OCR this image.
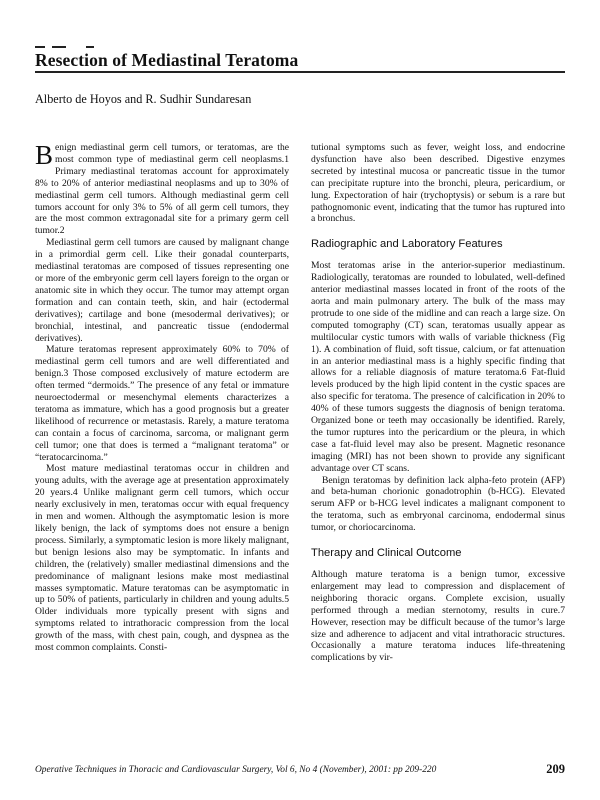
Resection of Mediastinal Teratoma
Alberto de Hoyos and R. Sudhir Sundaresan

Benign mediastinal germ cell tumors, or teratomas, are the most common type of mediastinal germ cell neoplasms.1 Primary mediastinal teratomas account for approximately 8% to 20% of anterior mediastinal neoplasms and up to 30% of mediastinal germ cell tumors. Although mediastinal germ cell tumors account for only 3% to 5% of all germ cell tumors, they are the most common extragonadal site for a primary germ cell tumor.2

Mediastinal germ cell tumors are caused by malignant change in a primordial germ cell. Like their gonadal counterparts, mediastinal teratomas are composed of tissues representing one or more of the embryonic germ cell layers foreign to the organ or anatomic site in which they occur. The tumor may attempt organ formation and can contain teeth, skin, and hair (ectodermal derivatives); cartilage and bone (mesodermal derivatives); or bronchial, intestinal, and pancreatic tissue (endodermal derivatives).

Mature teratomas represent approximately 60% to 70% of mediastinal germ cell tumors and are well differentiated and benign.3 Those composed exclusively of mature ectoderm are often termed “dermoids.” The presence of any fetal or immature neuroectodermal or mesenchymal elements characterizes a teratoma as immature, which has a good prognosis but a greater likelihood of recurrence or metastasis. Rarely, a mature teratoma can contain a focus of carcinoma, sarcoma, or malignant germ cell tumor; one that does is termed a “malignant teratoma” or “teratocarcinoma.”

Most mature mediastinal teratomas occur in children and young adults, with the average age at presentation approximately 20 years.4 Unlike malignant germ cell tumors, which occur nearly exclusively in men, teratomas occur with equal frequency in men and women. Although the asymptomatic lesion is more likely benign, the lack of symptoms does not ensure a benign process. Similarly, a symptomatic lesion is more likely malignant, but benign lesions also may be symptomatic. In infants and children, the (relatively) smaller mediastinal dimensions and the predominance of malignant lesions make most mediastinal masses symptomatic. Mature teratomas can be asymptomatic in up to 50% of patients, particularly in children and young adults.5 Older individuals more typically present with signs and symptoms related to intrathoracic compression from the local growth of the mass, with chest pain, cough, and dyspnea as the most common complaints. Consti-

tutional symptoms such as fever, weight loss, and endocrine dysfunction have also been described. Digestive enzymes secreted by intestinal mucosa or pancreatic tissue in the tumor can precipitate rupture into the bronchi, pleura, pericardium, or lung. Expectoration of hair (trychoptysis) or sebum is a rare but pathognomonic event, indicating that the tumor has ruptured into a bronchus.

Radiographic and Laboratory Features

Most teratomas arise in the anterior-superior mediastinum. Radiologically, teratomas are rounded to lobulated, well-defined anterior mediastinal masses located in front of the roots of the aorta and main pulmonary artery. The bulk of the mass may protrude to one side of the midline and can reach a large size. On computed tomography (CT) scan, teratomas usually appear as multilocular cystic tumors with walls of variable thickness (Fig 1). A combination of fluid, soft tissue, calcium, or fat attenuation in an anterior mediastinal mass is a highly specific finding that allows for a reliable diagnosis of mature teratoma.6 Fat-fluid levels produced by the high lipid content in the cystic spaces are also specific for teratoma. The presence of calcification in 20% to 40% of these tumors suggests the diagnosis of benign teratoma. Organized bone or teeth may occasionally be identified. Rarely, the tumor ruptures into the pericardium or the pleura, in which case a fat-fluid level may also be present. Magnetic resonance imaging (MRI) has not been shown to provide any significant advantage over CT scans.

Benign teratomas by definition lack alpha-feto protein (AFP) and beta-human chorionic gonadotrophin (b-HCG). Elevated serum AFP or b-HCG level indicates a malignant component to the teratoma, such as embryonal carcinoma, endodermal sinus tumor, or choriocarcinoma.

Therapy and Clinical Outcome

Although mature teratoma is a benign tumor, excessive enlargement may lead to compression and displacement of neighboring thoracic organs. Complete excision, usually performed through a median sternotomy, results in cure.7 However, resection may be difficult because of the tumor’s large size and adherence to adjacent and vital intrathoracic structures. Occasionally a mature teratoma induces life-threatening complications by vir-

Operative Techniques in Thoracic and Cardiovascular Surgery, Vol 6, No 4 (November), 2001: pp 209-220	209
